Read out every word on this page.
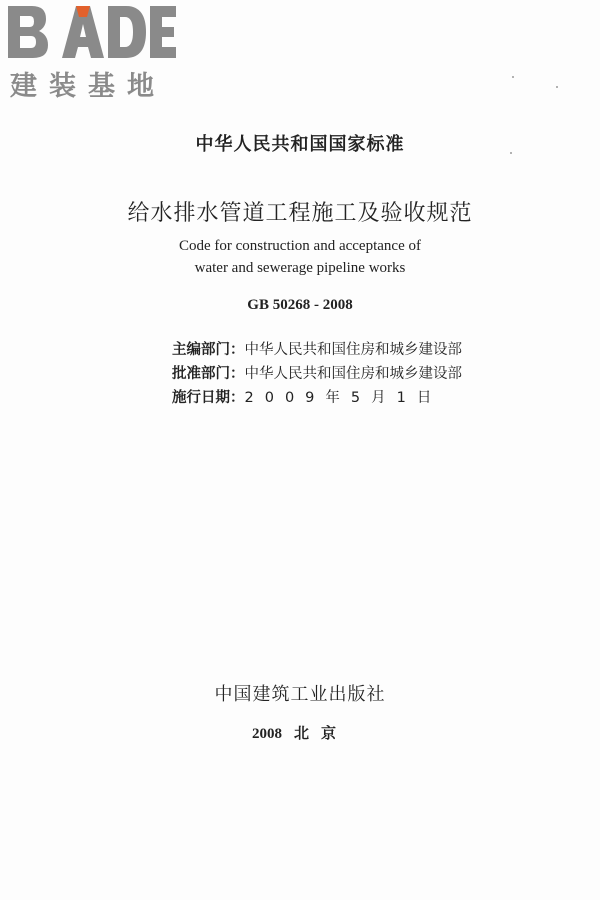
建装基地
中华人民共和国国家标准
给水排水管道工程施工及验收规范
Code for construction and acceptance of
water and sewerage pipeline works
GB 50268 - 2008
主编部门：中华人民共和国住房和城乡建设部
批准部门：中华人民共和国住房和城乡建设部
施行日期：2009年5月1日
中国建筑工业出版社
2008 北京
